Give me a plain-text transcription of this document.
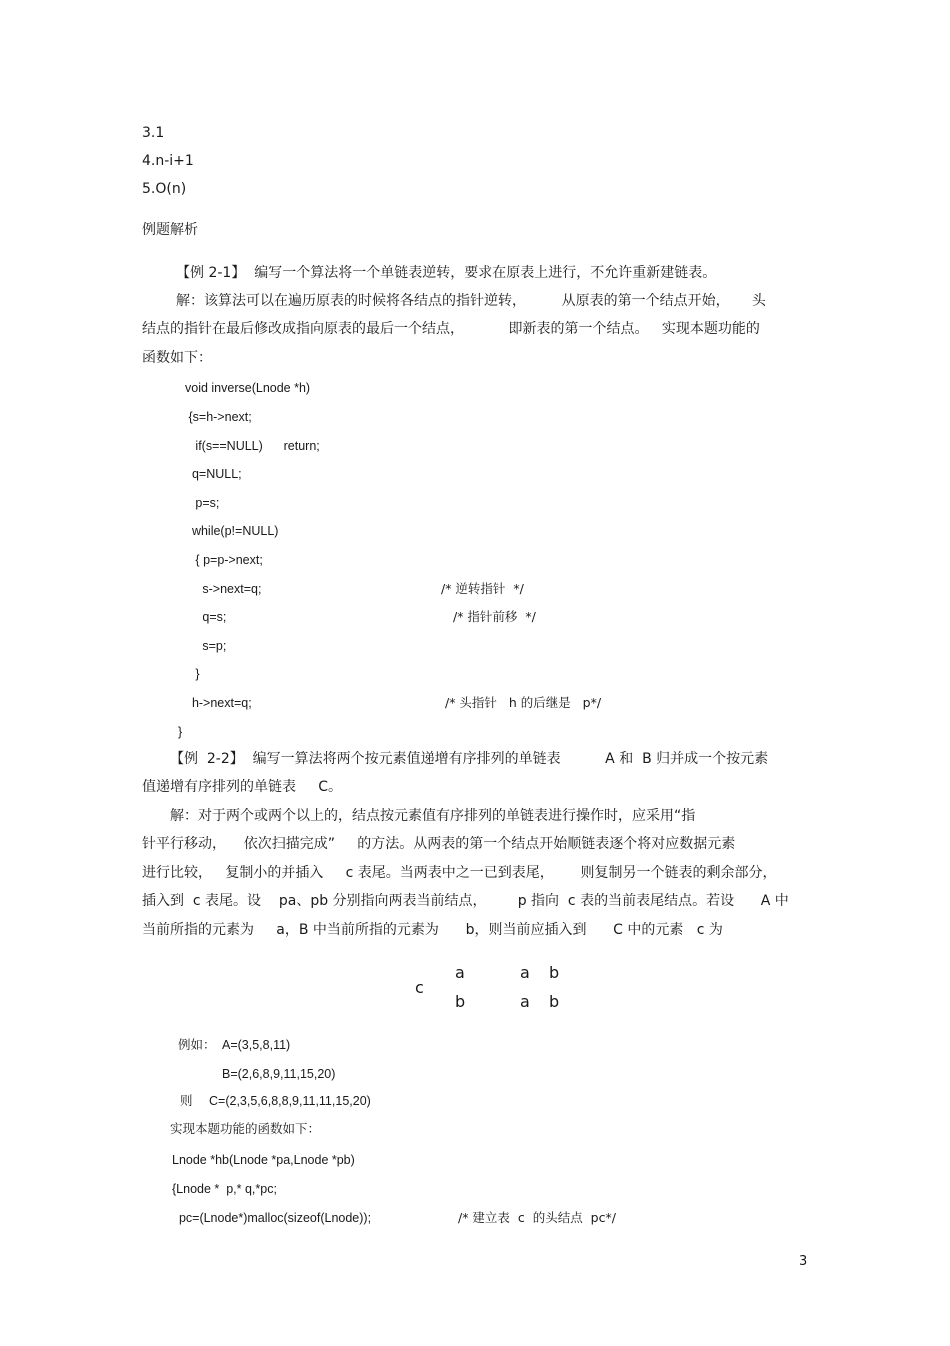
3.1
4.n-i+1
5.O(n)
例题解析
【例 2-1】  编写一个算法将一个单链表逆转，要求在原表上进行，不允许重新建链表。
解：该算法可以在遍历原表的时候将各结点的指针逆转，        从原表的第一个结点开始，     头
结点的指针在最后修改成指向原表的最后一个结点，          即新表的第一个结点。   实现本题功能的
函数如下：
void inverse(Lnode *h)
{s=h->next;
if(s==NULL)      return;
q=NULL;
p=s;
while(p!=NULL)
{ p=p->next;
s->next=q;
q=s;
s=p;
}
h->next=q;
}
/* 逆转指针  */
/* 指针前移  */
/* 头指针   h 的后继是   p*/
【例  2-2】  编写一算法将两个按元素值递增有序排列的单链表          A 和  B 归并成一个按元素
值递增有序排列的单链表     C。
解：对于两个或两个以上的，结点按元素值有序排列的单链表进行操作时，应采用“指
针平行移动，    依次扫描完成”     的方法。从两表的第一个结点开始顺链表逐个将对应数据元素
进行比较，   复制小的并插入     c 表尾。当两表中之一已到表尾，      则复制另一个链表的剩余部分，
插入到  c 表尾。设    pa、pb 分别指向两表当前结点，       p 指向  c 表的当前表尾结点。若设      A 中
当前所指的元素为     a，B 中当前所指的元素为      b，则当前应插入到      C 中的元素   c 为
c
a	a b
b	a b
例如： A=(3,5,8,11)
B=(2,6,8,9,11,15,20)
则 C=(2,3,5,6,8,8,9,11,11,15,20)
实现本题功能的函数如下：
Lnode *hb(Lnode *pa,Lnode *pb)
{Lnode *  p,* q,*pc;
pc=(Lnode*)malloc(sizeof(Lnode));	/* 建立表  c  的头结点  pc*/
3
